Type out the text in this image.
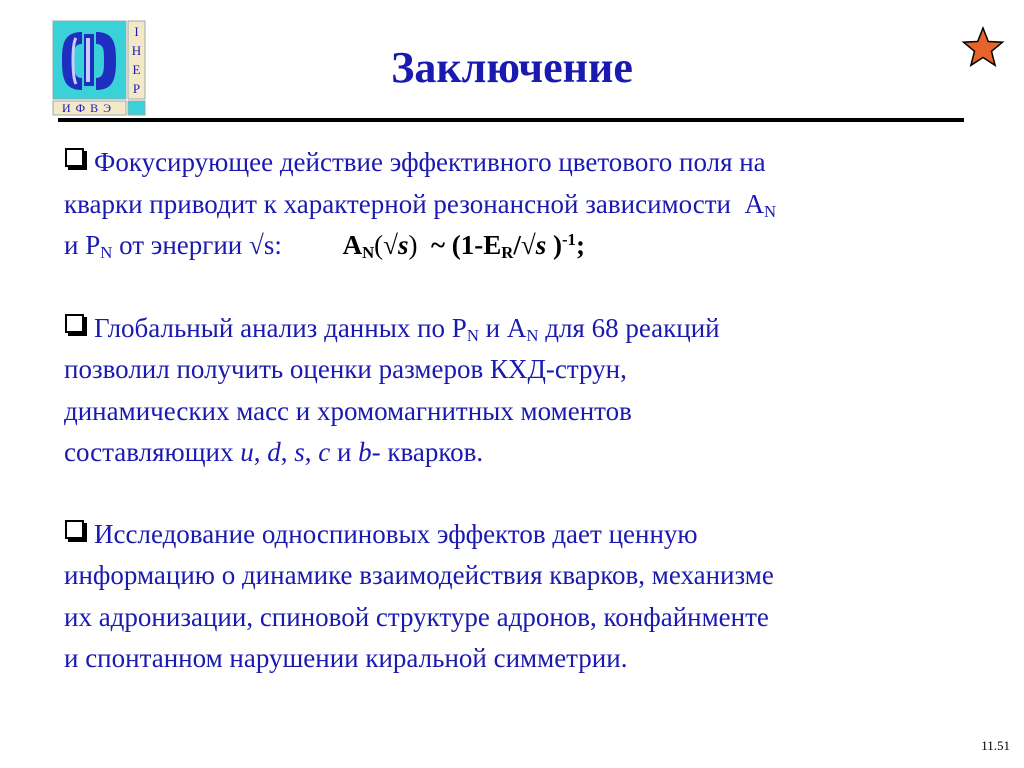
I
Н
Е
Р
ИФВЭ
Заключение
Фокусирующее действие эффективного цветового поля на
кварки приводит к характерной резонансной зависимости  $A_N$
и $P_N$ от энергии √s: $A_N(√s)$ ~ ($1-E_R/√s$ )$^{-1}$;
Глобальный анализ данных по $P_N$ и $A_N$ для 68 реакций
позволил получить оценки размеров КХД-струн,
динамических масс и хромомагнитных моментов
составляющих u, d, s, c и b- кварков.
Исследование односпиновых эффектов дает ценную
информацию о динамике взаимодействия кварков, механизме
их адронизации, спиновой структуре адронов, конфайнменте
и спонтанном нарушении киральной симметрии.
11.51
